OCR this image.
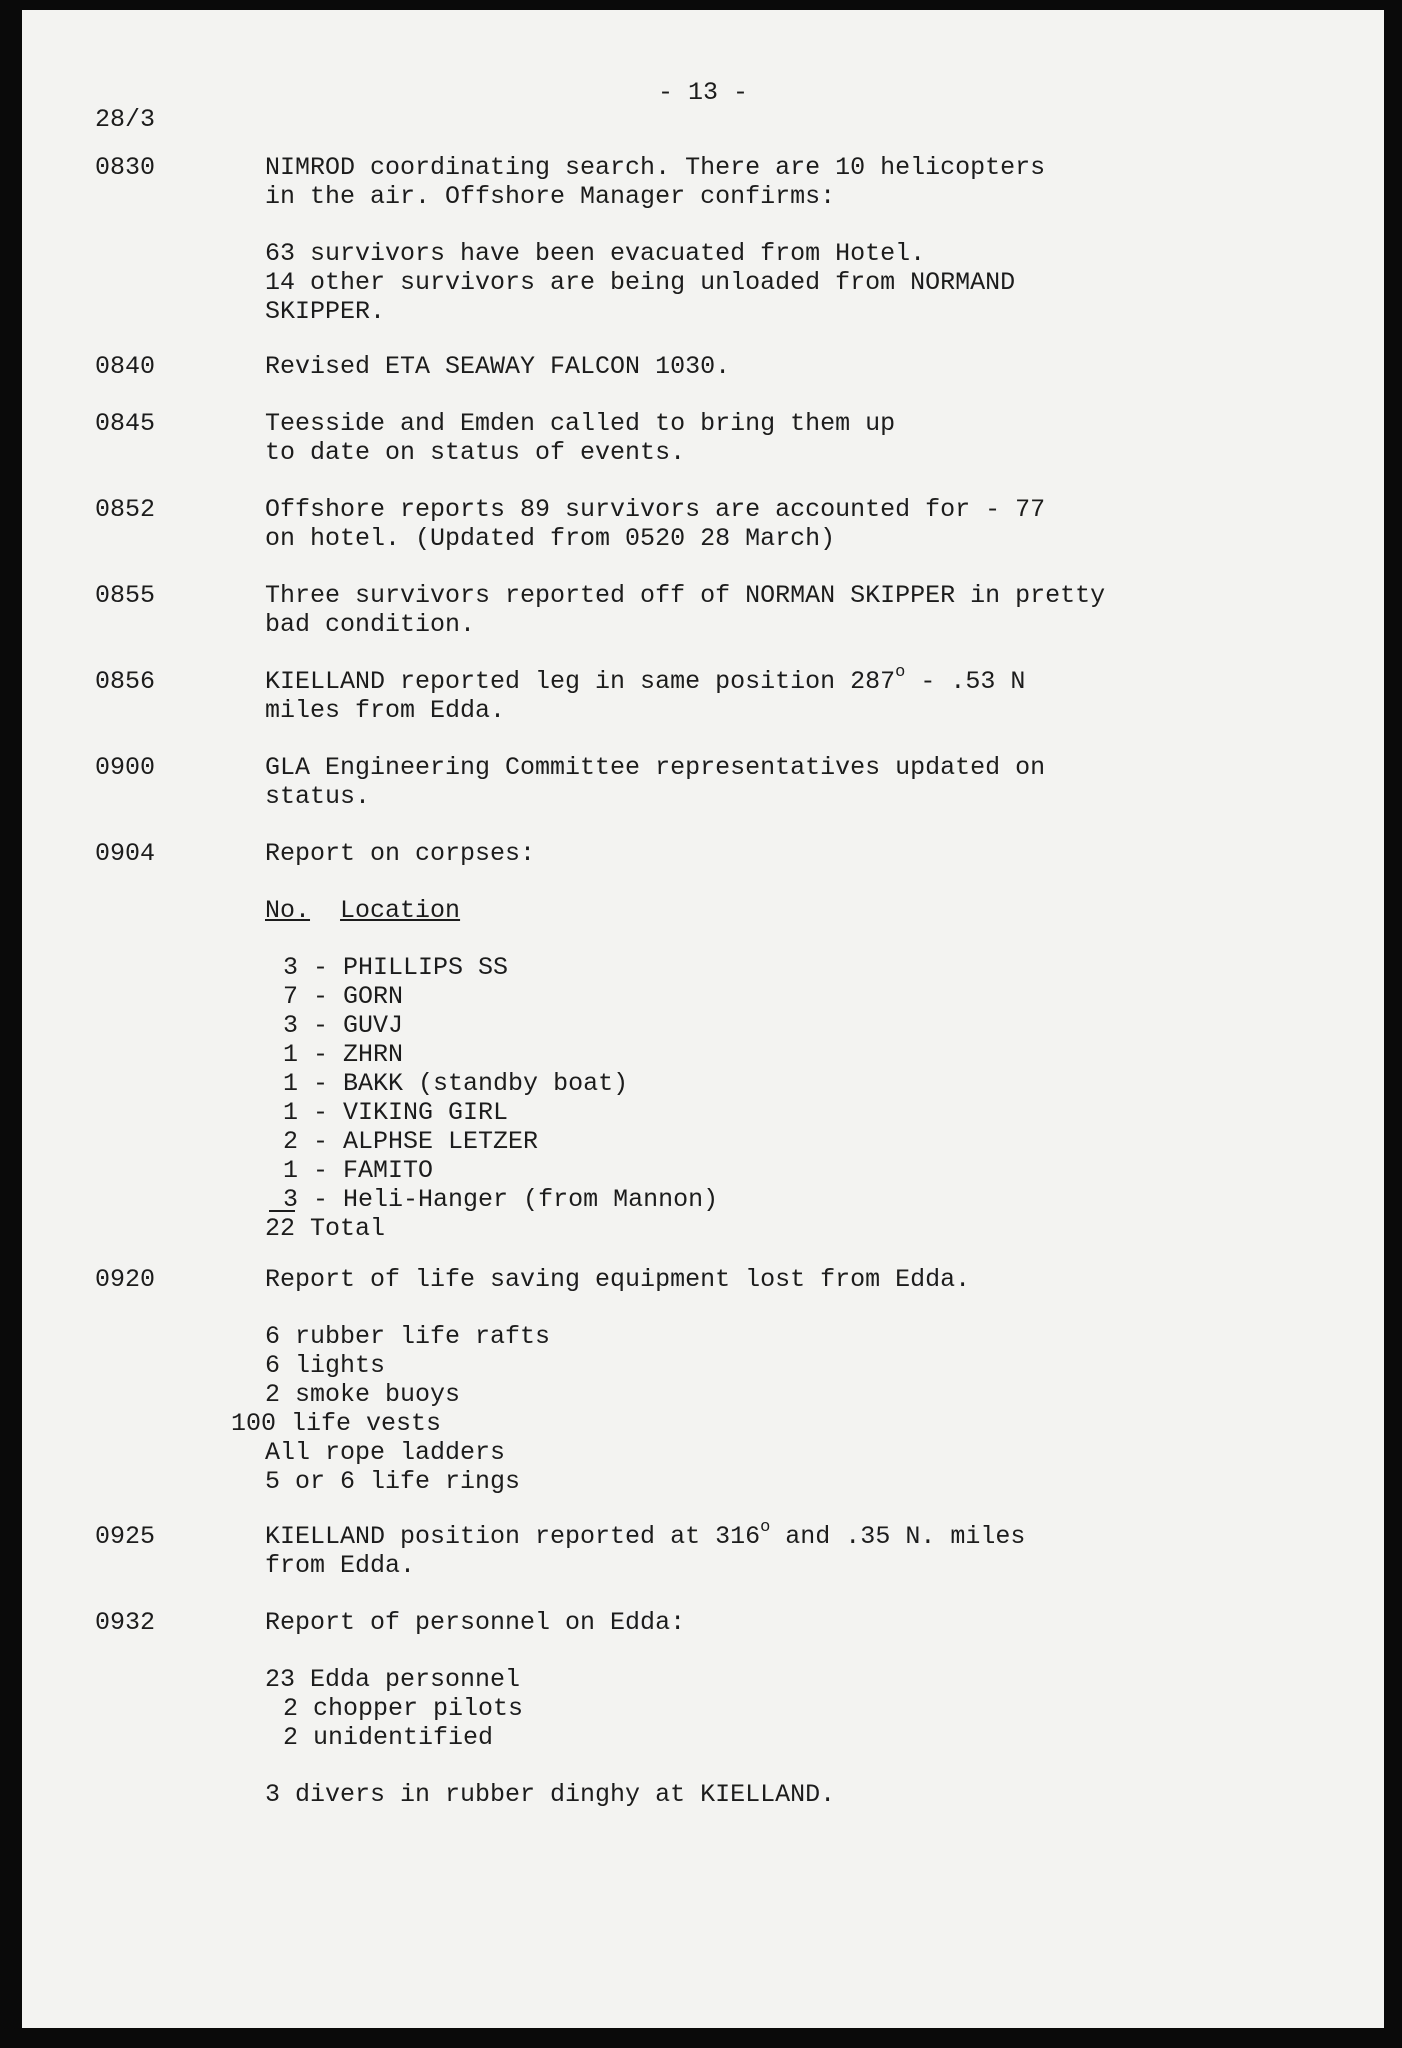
- 13 -
28/3
0830	NIMROD coordinating search. There are 10 helicopters
in the air. Offshore Manager confirms:
63 survivors have been evacuated from Hotel.
14 other survivors are being unloaded from NORMAND
SKIPPER.
0840	Revised ETA SEAWAY FALCON 1030.
0845	Teesside and Emden called to bring them up
to date on status of events.
0852	Offshore reports 89 survivors are accounted for - 77
on hotel. (Updated from 0520 28 March)
0855	Three survivors reported off of NORMAN SKIPPER in pretty
bad condition.
0856	KIELLAND reported leg in same position 287$^o$ - .53 N
miles from Edda.
0900	GLA Engineering Committee representatives updated on
status.
0904	Report on corpses:
No. Location
3 - PHILLIPS SS
7 - GORN
3 - GUVJ
1 - ZHRN
1 - BAKK (standby boat)
1 - VIKING GIRL
2 - ALPHSE LETZER
1 - FAMITO
3 - Heli-Hanger (from Mannon)
22 Total
0920	Report of life saving equipment lost from Edda.
6 rubber life rafts
6 lights
2 smoke buoys
100 life vests
All rope ladders
5 or 6 life rings
0925	KIELLAND position reported at 316$^o$ and .35 N. miles
from Edda.
0932	Report of personnel on Edda:
23 Edda personnel
2 chopper pilots
2 unidentified
3 divers in rubber dinghy at KIELLAND.
